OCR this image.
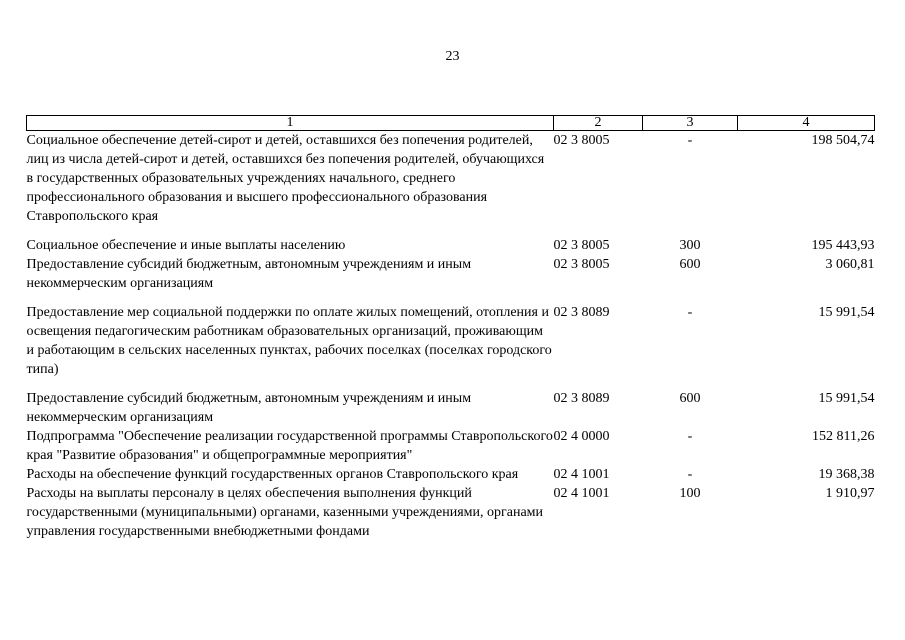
23
1	2	3	4
Социальное обеспечение детей-сирот и детей, оставшихся без попечения родителей, лиц из числа детей-сирот и детей, оставшихся без попечения родителей, обучающихся в государственных образовательных учреждениях начального, среднего профессионального образования и высшего профессионального образования Ставропольского края	02 3 8005	-	198 504,74
Социальное обеспечение и иные выплаты населению	02 3 8005	300	195 443,93
Предоставление субсидий бюджетным, автономным учреждениям и иным некоммерческим организациям	02 3 8005	600	3 060,81
Предоставление мер социальной поддержки по оплате жилых помещений, отопления и освещения педагогическим работникам образовательных организаций, проживающим и работающим в сельских населенных пунктах, рабочих поселках (поселках городского типа)	02 3 8089	-	15 991,54
Предоставление субсидий бюджетным, автономным учреждениям и иным некоммерческим организациям	02 3 8089	600	15 991,54
Подпрограмма "Обеспечение реализации государственной программы Ставропольского края "Развитие образования" и общепрограммные мероприятия"	02 4 0000	-	152 811,26
Расходы на обеспечение функций государственных органов Ставропольского края	02 4 1001	-	19 368,38
Расходы на выплаты персоналу в целях обеспечения выполнения функций государственными (муниципальными) органами, казенными учреждениями, органами управления государственными внебюджетными фондами	02 4 1001	100	1 910,97
